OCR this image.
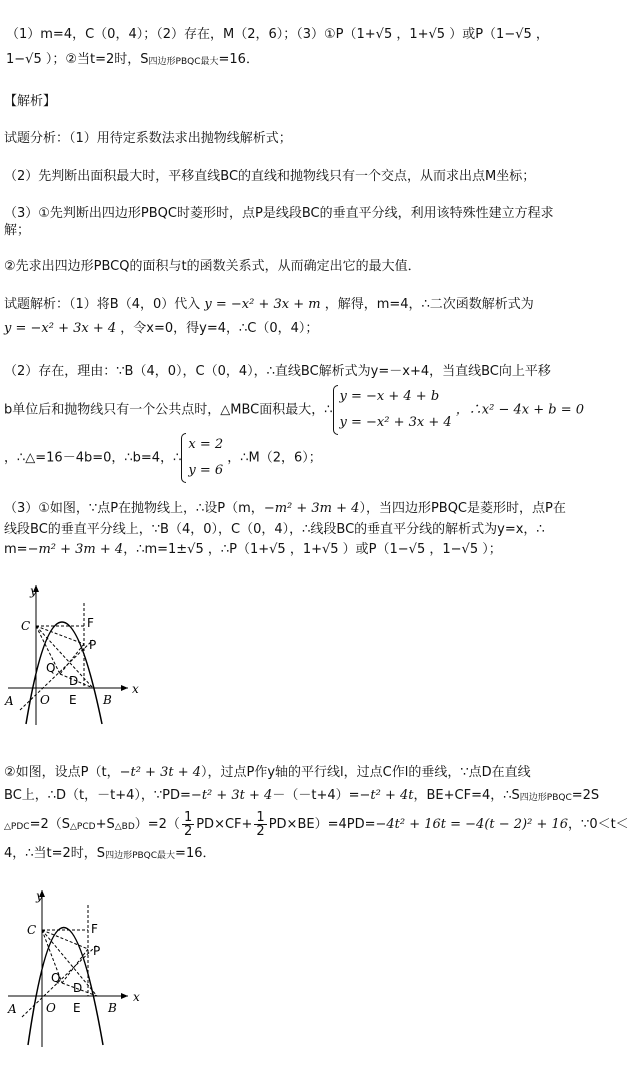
（1）m=4，C（0，4）；（2）存在，M（2，6）；（3）①P（1+√5 ，1+√5 ）或P（1−√5 ，
1−√5 ）；②当t=2时，S四边形PBQC最大=16．
【解析】
试题分析：（1）用待定系数法求出抛物线解析式；
（2）先判断出面积最大时，平移直线BC的直线和抛物线只有一个交点，从而求出点M坐标；
（3）①先判断出四边形PBQC时菱形时，点P是线段BC的垂直平分线，利用该特殊性建立方程求
解；
②先求出四边形PBCQ的面积与t的函数关系式，从而确定出它的最大值．
试题解析：（1）将B（4，0）代入 y = −x² + 3x + m ，解得，m=4，∴二次函数解析式为
y = −x² + 3x + 4 ，令x=0，得y=4，∴C（0，4）；
（2）存在，理由：∵B（4，0），C（0，4），∴直线BC解析式为y=－x+4，当直线BC向上平移
b单位后和抛物线只有一个公共点时，△MBC面积最大，∴
y = −x + 4 + b
y = −x² + 3x + 4
，∴x² − 4x + b = 0
，∴△=16－4b=0，∴b=4，∴
x = 2
y = 6
，∴M（2，6）；
（3）①如图，∵点P在抛物线上，∴设P（m，−m² + 3m + 4），当四边形PBQC是菱形时，点P在
线段BC的垂直平分线上，∵B（4，0），C（0，4），∴线段BC的垂直平分线的解析式为y=x，∴
m=−m² + 3m + 4，∴m=1±√5 ，∴P（1+√5 ，1+√5 ）或P（1−√5 ，1−√5 ）；
y
x
C	F
P
Q
D
A O E B
②如图，设点P（t，−t² + 3t + 4），过点P作y轴的平行线l，过点C作l的垂线，∵点D在直线
BC上，∴D（t，－t+4），∵PD=−t² + 3t + 4－（－t+4）=−t² + 4t，BE+CF=4，∴S四边形PBQC=2S
△PDC=2（S△PCD+S△BD）=2（ $\frac{1}{2} PD\times CF+ \frac{1}{2} PD\times BE)=4PD=-4t^2 + 16t = -4(t - 2)^2 + 16$，∵0＜t＜
4，∴当t=2时，S四边形PBQC最大=16．
y
x
C	F
P
Q
D
A O E B
